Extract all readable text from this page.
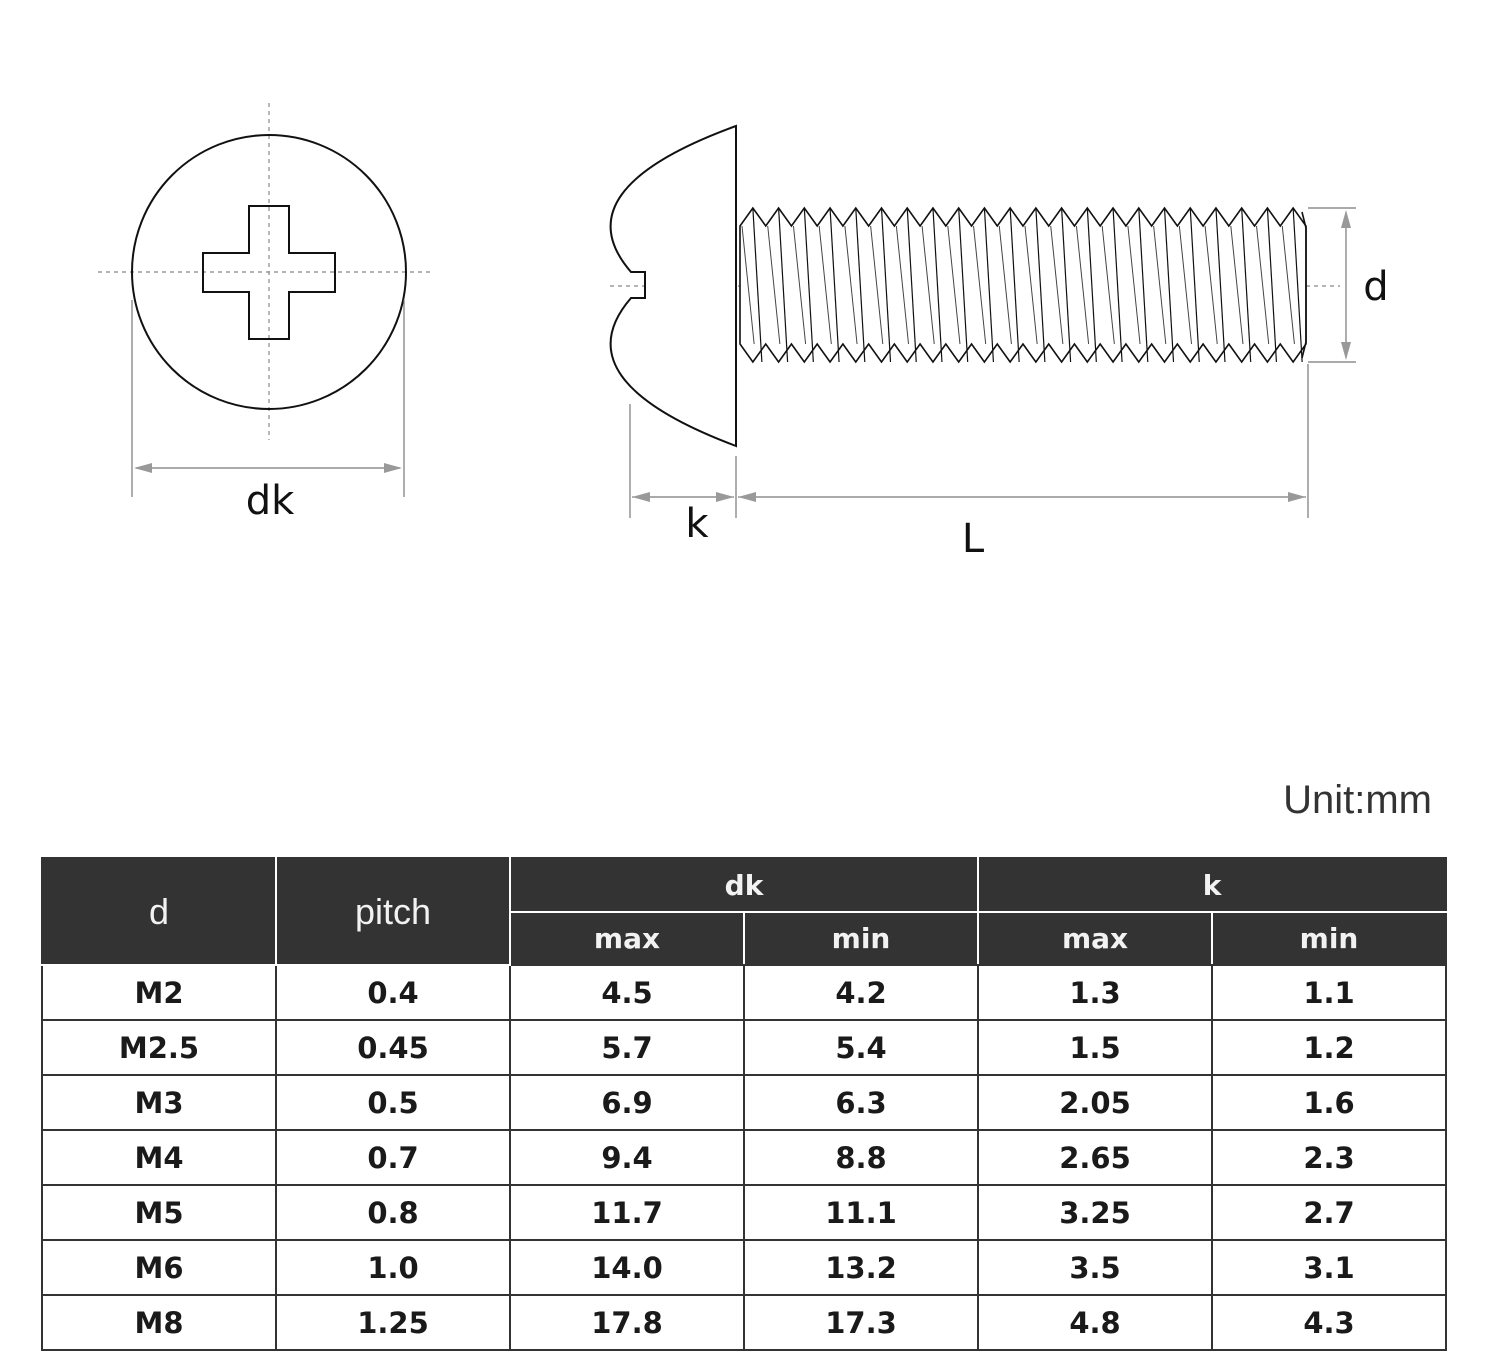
dk
d
k	L
Unit:mm
d	pitch	dk		k	
		max	min	max	min
M2	0.4	4.5	4.2	1.3	1.1
M2.5	0.45	5.7	5.4	1.5	1.2
M3	0.5	6.9	6.3	2.05	1.6
M4	0.7	9.4	8.8	2.65	2.3
M5	0.8	11.7	11.1	3.25	2.7
M6	1.0	14.0	13.2	3.5	3.1
M8	1.25	17.8	17.3	4.8	4.3
